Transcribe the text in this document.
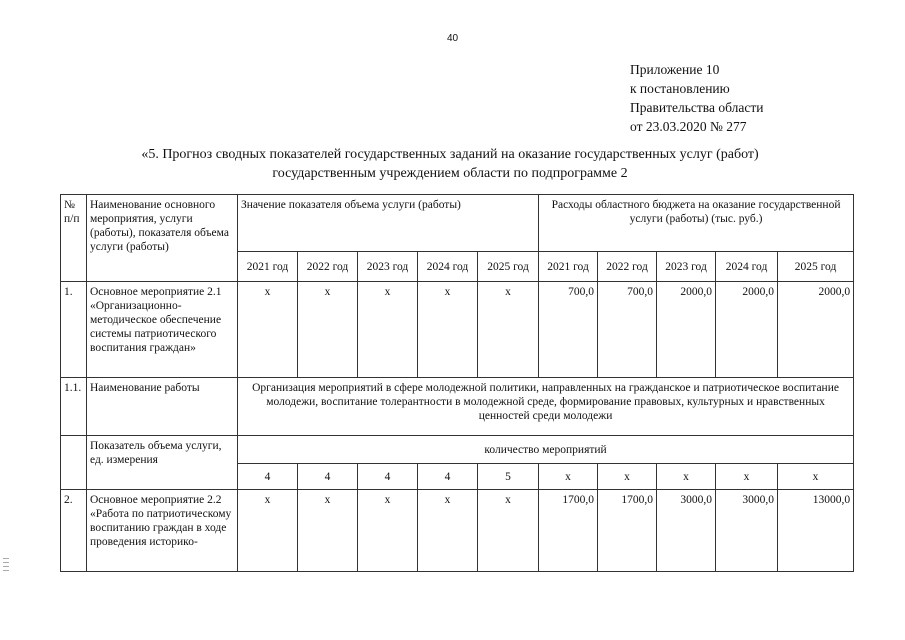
40
Приложение 10
к постановлению
Правительства области
от 23.03.2020 № 277
«5. Прогноз сводных показателей государственных заданий на оказание государственных услуг (работ)
государственным учреждением области по подпрограмме 2
№ п/п	Наименование основного мероприятия, услуги (работы), показателя объема услуги (работы)	Значение показателя объема услуги (работы)					Расходы областного бюджета на оказание государственной услуги (работы) (тыс. руб.)				
		2021 год	2022 год	2023 год	2024 год	2025 год	2021 год	2022 год	2023 год	2024 год	2025 год
1.	Основное мероприятие 2.1 «Организационно-методическое обеспечение системы патриотического воспитания граждан»	х	х	х	х	х	700,0	700,0	2000,0	2000,0	2000,0
1.1.	Наименование работы	Организация мероприятий в сфере молодежной политики, направленных на гражданское и патриотическое воспитание молодежи, воспитание толерантности в молодежной среде, формирование правовых, культурных и нравственных ценностей среди молодежи									
	Показатель объема услуги, ед. измерения	количество мероприятий									
		4	4	4	4	5	х	х	х	х	х
2.	Основное мероприятие 2.2 «Работа по патриотическому воспитанию граждан в ходе проведения историко-	х	х	х	х	х	1700,0	1700,0	3000,0	3000,0	13000,0
